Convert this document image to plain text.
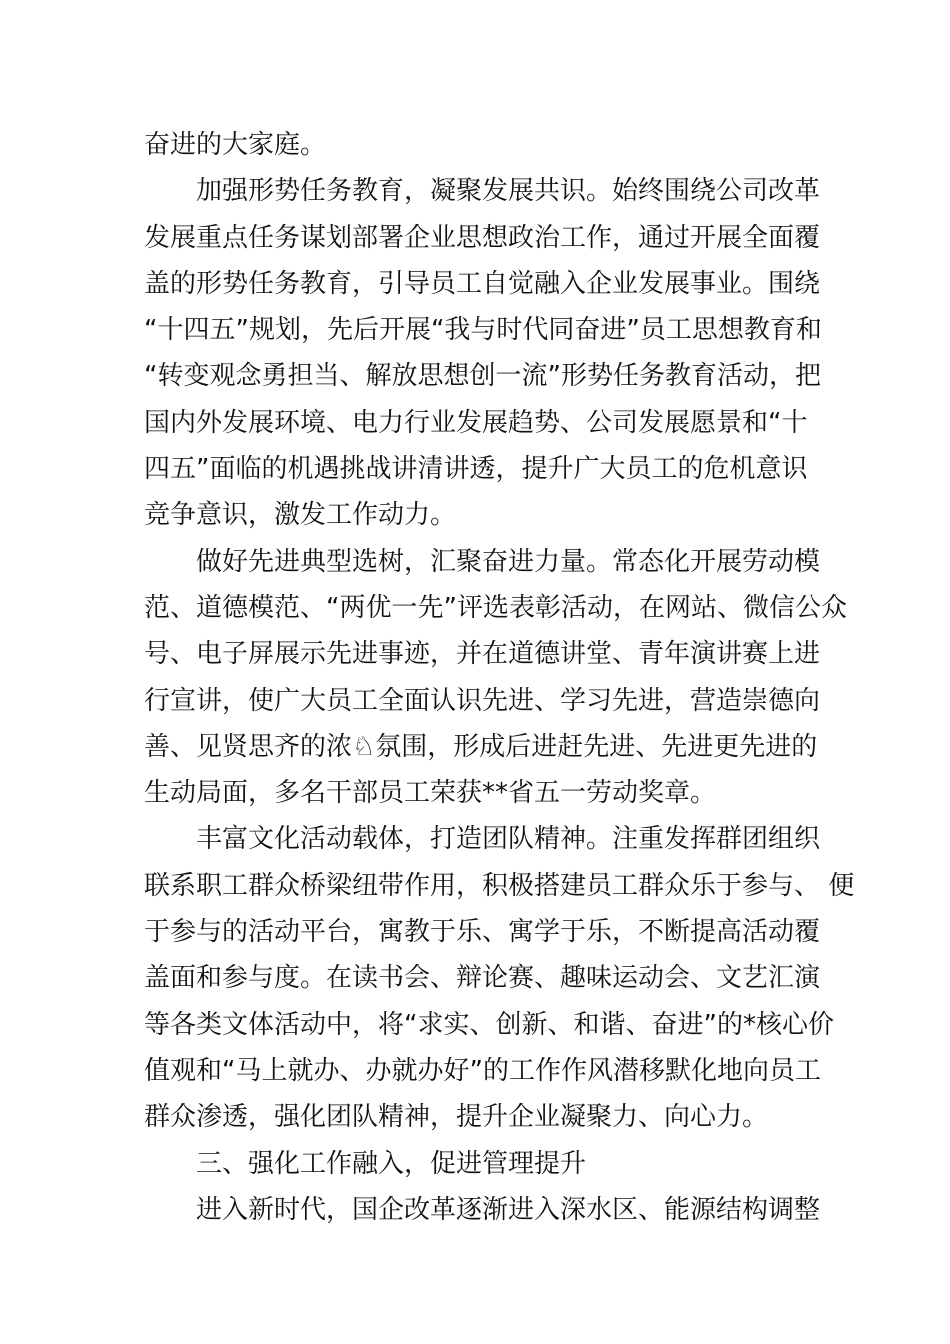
奋进的大家庭。
加强形势任务教育，凝聚发展共识。始终围绕公司改革
发展重点任务谋划部署企业思想政治工作，通过开展全面覆
盖的形势任务教育，引导员工自觉融入企业发展事业。围绕
“十四五”规划，先后开展“我与时代同奋进”员工思想教育和
“转变观念勇担当、解放思想创一流”形势任务教育活动，把
国内外发展环境、电力行业发展趋势、公司发展愿景和“十
四五”面临的机遇挑战讲清讲透，提升广大员工的危机意识
竞争意识，激发工作动力。
做好先进典型选树，汇聚奋进力量。常态化开展劳动模
范、道德模范、“两优一先”评选表彰活动，在网站、微信公众
号、电子屏展示先进事迹，并在道德讲堂、青年演讲赛上进
行宣讲，使广大员工全面认识先进、学习先进，营造崇德向
善、见贤思齐的浓♘氛围，形成后进赶先进、先进更先进的
生动局面，多名干部员工荣获**省五一劳动奖章。
丰富文化活动载体，打造团队精神。注重发挥群团组织
联系职工群众桥梁纽带作用，积极搭建员工群众乐于参与、 便
于参与的活动平台，寓教于乐、寓学于乐，不断提高活动覆
盖面和参与度。在读书会、辩论赛、趣味运动会、文艺汇演
等各类文体活动中，将“求实、创新、和谐、奋进”的*核心价
值观和“马上就办、办就办好”的工作作风潜移默化地向员工
群众渗透，强化团队精神，提升企业凝聚力、向心力。
三、强化工作融入，促进管理提升
进入新时代，国企改革逐渐进入深水区、能源结构调整
